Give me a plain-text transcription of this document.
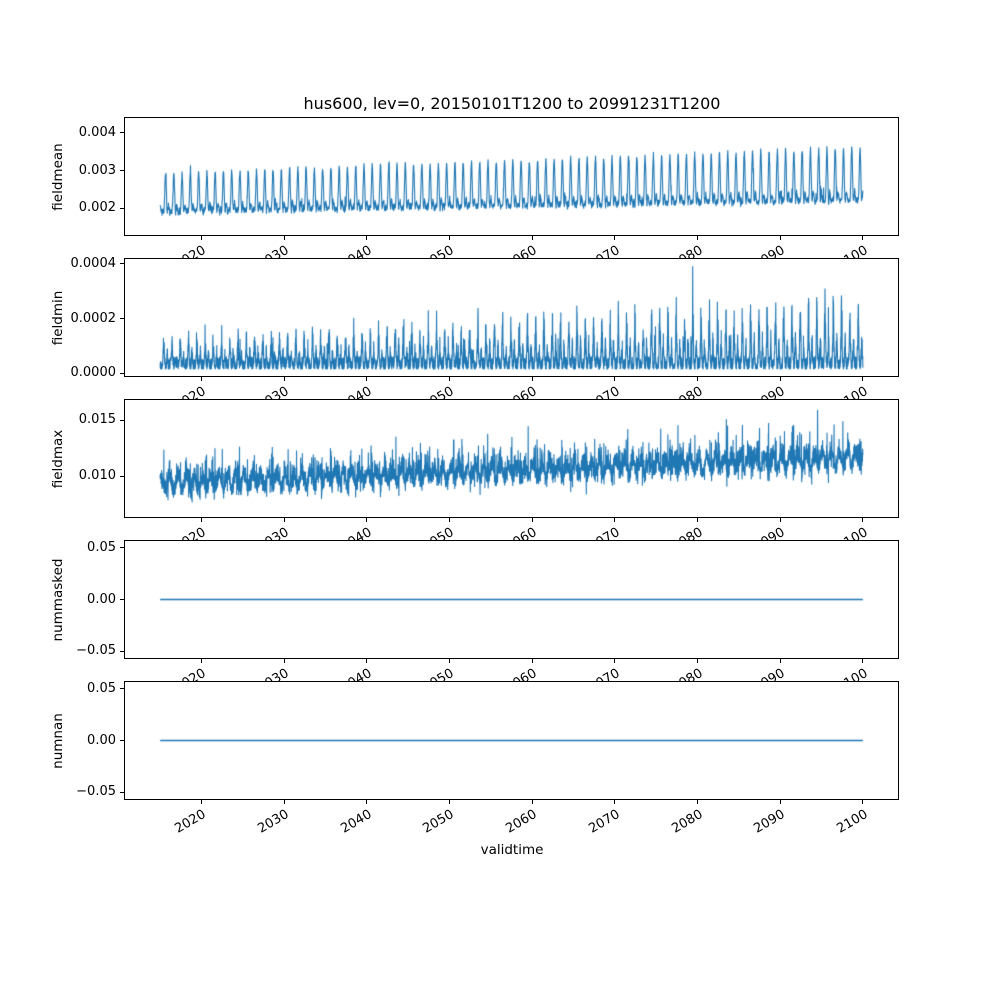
hus600, lev=0, 20150101T1200 to 20991231T1200
fieldmean 0.002
0.003
0.004
fieldmin
0.0000
0.0002
0.0004
fieldmax 0.010
0.015
nummasked
−0.05
0.00
0.05
numnan
−0.05
0.00
0.05
2020	2030	2040	2050	2060	2070	2080	2090	2100
validtime
